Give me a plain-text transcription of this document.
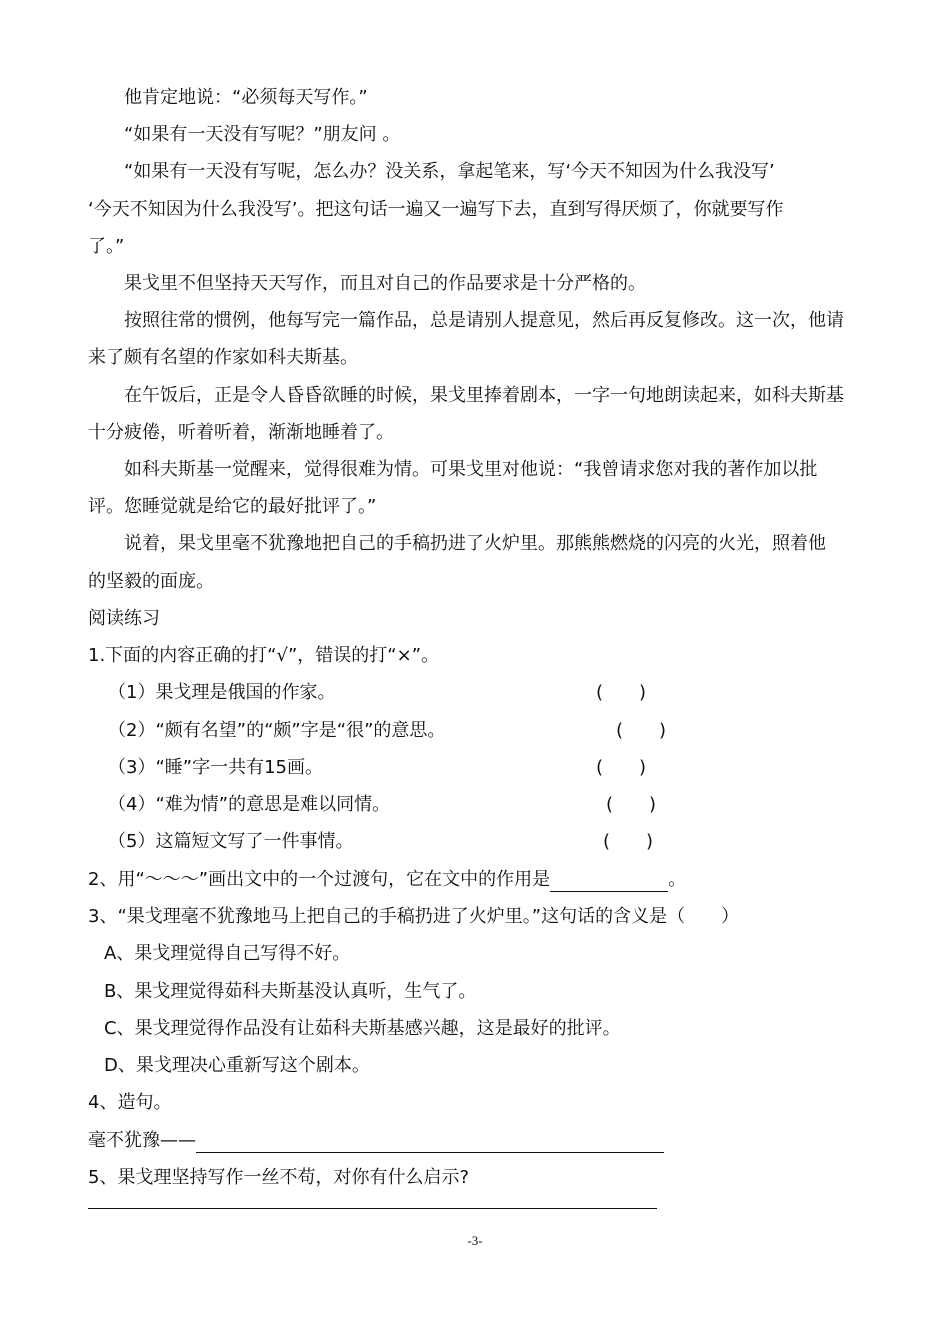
他肯定地说：“必须每天写作。”
“如果有一天没有写呢？”朋友问 。
“如果有一天没有写呢，怎么办？没关系，拿起笔来，写‘今天不知因为什么我没写’
‘今天不知因为什么我没写’。把这句话一遍又一遍写下去，直到写得厌烦了，你就要写作
了。”
果戈里不但坚持天天写作，而且对自己的作品要求是十分严格的。
按照往常的惯例，他每写完一篇作品，总是请别人提意见，然后再反复修改。这一次，他请
来了颇有名望的作家如科夫斯基。
在午饭后，正是令人昏昏欲睡的时候，果戈里捧着剧本，一字一句地朗读起来，如科夫斯基
十分疲倦，听着听着，渐渐地睡着了。
如科夫斯基一觉醒来，觉得很难为情。可果戈里对他说：“我曾请求您对我的著作加以批
评。您睡觉就是给它的最好批评了。”
说着，果戈里毫不犹豫地把自己的手稿扔进了火炉里。那熊熊燃烧的闪亮的火光，照着他
的坚毅的面庞。
阅读练习
1.下面的内容正确的打“√”，错误的打“×”。
（1）果戈理是俄国的作家。	(　　)
（2）“颇有名望”的“颇”字是“很”的意思。	(　　)
（3）“睡”字一共有15画。	(　　)
（4）“难为情”的意思是难以同情。	(　　)
（5）这篇短文写了一件事情。	(　　)
2、用“～～～”画出文中的一个过渡句，它在文中的作用是	。
3、“果戈理毫不犹豫地马上把自己的手稿扔进了火炉里。”这句话的含义是（　　）
A、果戈理觉得自己写得不好。
B、果戈理觉得茹科夫斯基没认真听，生气了。
C、果戈理觉得作品没有让茹科夫斯基感兴趣，这是最好的批评。
D、果戈理决心重新写这个剧本。
4、造句。
毫不犹豫——
5、果戈理坚持写作一丝不苟，对你有什么启示?
-3-
